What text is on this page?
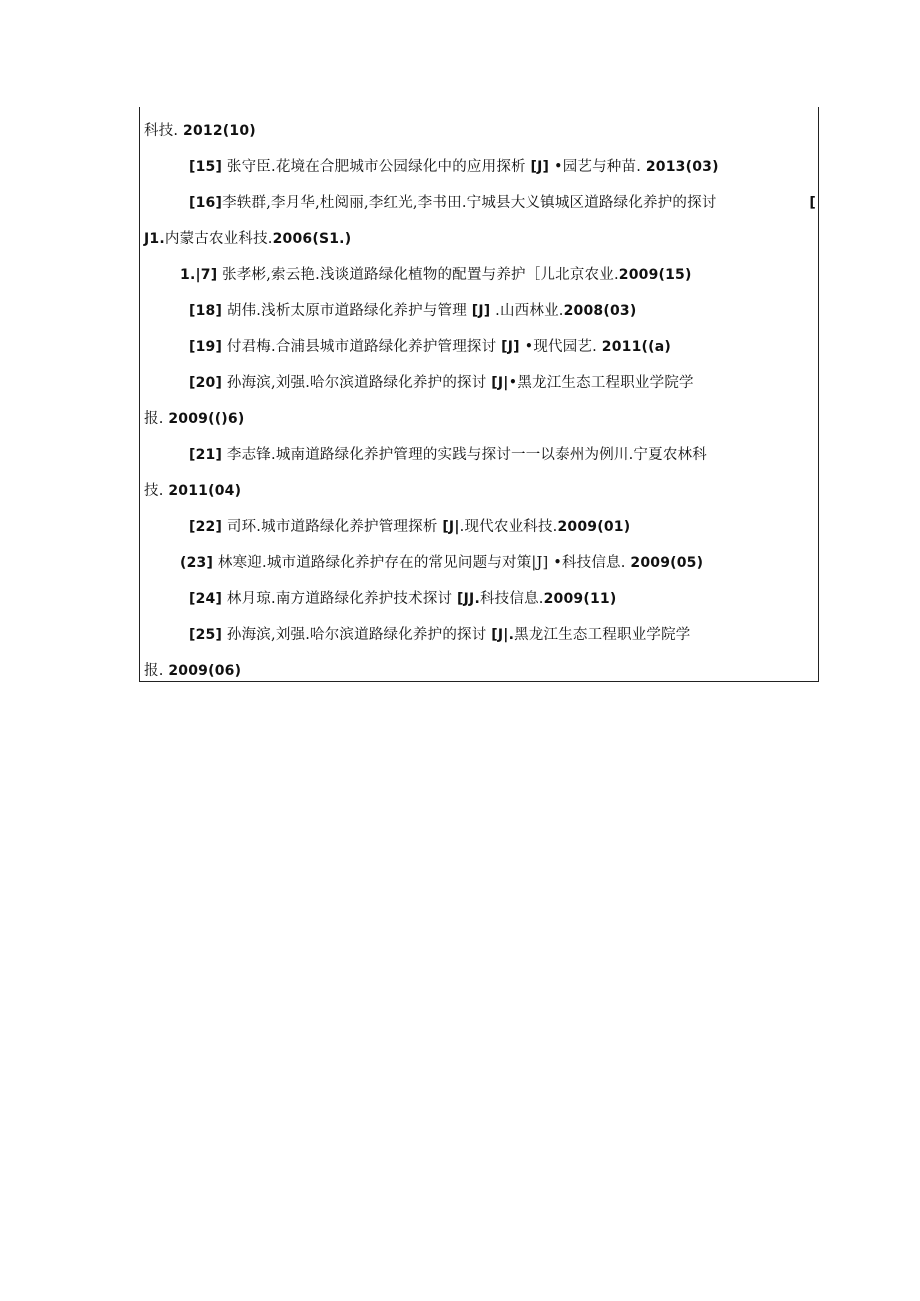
科技. 2012(10)
[15] 张守臣.花境在合肥城市公园绿化中的应用探析 [J] •园艺与种苗. 2013(03)
[16]李轶群,李月华,杜阅丽,李红光,李书田.宁城县大义镇城区道路绿化养护的探讨	[
J1.内蒙古农业科技.2006(S1.)
1.|7] 张孝彬,索云艳.浅谈道路绿化植物的配置与养护［儿北京农业.2009(15)
[18] 胡伟.浅析太原市道路绿化养护与管理 [J] .山西林业.2008(03)
[19] 付君梅.合浦县城市道路绿化养护管理探讨 [J] •现代园艺. 2011((a)
[20] 孙海滨,刘强.哈尔滨道路绿化养护的探讨 [J|•黑龙江生态工程职业学院学
报. 2009(()6)
[21] 李志锋.城南道路绿化养护管理的实践与探讨一一以泰州为例川.宁夏农林科
技. 2011(04)
[22] 司环.城市道路绿化养护管理探析 [J|.现代农业科技.2009(01)
(23] 林寒迎.城市道路绿化养护存在的常见问题与对策|J] •科技信息. 2009(05)
[24] 林月琼.南方道路绿化养护技术探讨 [JJ.科技信息.2009(11)
[25] 孙海滨,刘强.哈尔滨道路绿化养护的探讨 [J|.黑龙江生态工程职业学院学
报. 2009(06)
